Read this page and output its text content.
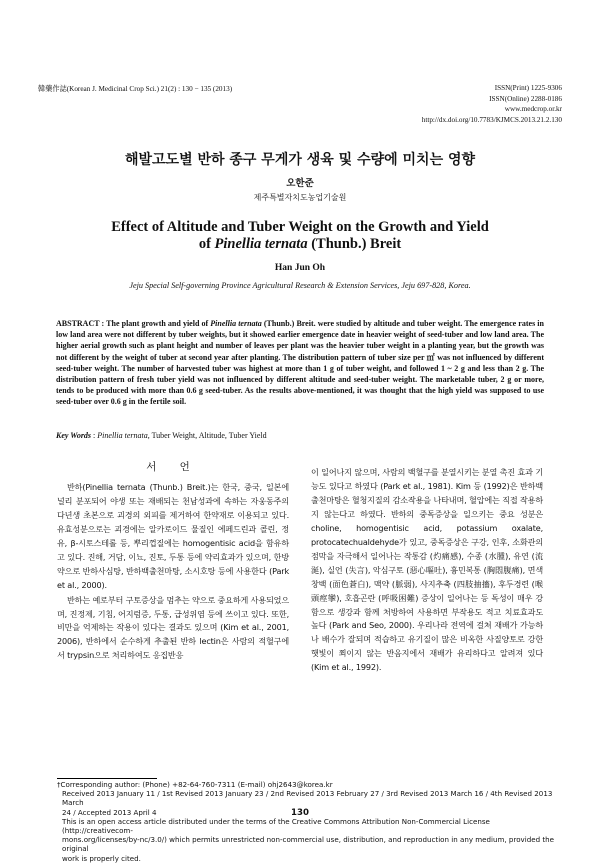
韓藥作誌(Korean J. Medicinal Crop Sci.) 21(2) : 130 − 135 (2013)	ISSN(Print) 1225-9306
ISSN(Online) 2288-0186
www.medcrop.or.kr
http://dx.doi.org/10.7783/KJMCS.2013.21.2.130
해발고도별 반하 종구 무게가 생육 및 수량에 미치는 영향
오한준
제주특별자치도농업기술원
Effect of Altitude and Tuber Weight on the Growth and Yield
of Pinellia ternata (Thunb.) Breit
Han Jun Oh
Jeju Special Self-governing Province Agricultural Research & Extension Services, Jeju 697-828, Korea.
ABSTRACT : The plant growth and yield of Pinellia ternata (Thunb.) Breit. were studied by altitude and tuber weight. The emergence rates in low land area were not different by tuber weights, but it showed earlier emergence date in heavier weight of seed-tuber and low land area. The higher aerial growth such as plant height and number of leaves per plant was the heavier tuber weight in a planting year, but the growth was not different by the weight of tuber at second year after planting. The distribution pattern of tuber size per ㎡ was not influenced by different seed-tuber weight. The number of harvested tuber was highest at more than 1 g of tuber weight, and followed 1 ~ 2 g and less than 2 g. The distribution pattern of fresh tuber yield was not influenced by different altitude and seed-tuber weight. The marketable tuber, 2 g or more, tends to be produced with more than 0.6 g seed-tuber. As the results above-mentioned, it was thought that the high yield was supposed to use seed-tuber over 0.6 g in the fertile soil.
Key Words : Pinellia ternata, Tuber Weight, Altitude, Tuber Yield
서 언

반하(Pinellia ternata (Thunb.) Breit.)는 한국, 중국, 일본에 널리 분포되어 야생 또는 재배되는 천남성과에 속하는 자웅동주의 다년생 초본으로 괴경의 외피를 제거하여 한약재로 이용되고 있다. 유효성분으로는 괴경에는 알카로이드 물질인 에페드린과 콜린, 정유, β-시토스테롤 등, 뿌리껍질에는 homogentisic acid을 함유하고 있다. 진해, 거담, 이뇨, 진토, 두통 등에 약리효과가 있으며, 한방약으로 반하사심탕, 반하백출천마탕, 소시호탕 등에 사용한다 (Park et al., 2000).

반하는 예로부터 구토증상을 멈추는 약으로 중요하게 사용되었으며, 진정제, 기침, 어지럼증, 두통, 급성위염 등에 쓰이고 있다. 또한, 비만을 억제하는 작용이 있다는 결과도 있으며 (Kim et al., 2001, 2006), 반하에서 순수하게 추출된 반하 lectin은 사람의 적혈구에서 trypsin으로 처리하여도 응집반응

이 일어나지 않으며, 사람의 백혈구를 분열시키는 분열 촉진 효과 기능도 있다고 하였다 (Park et al., 1981). Kim 등 (1992)은 반하백출천마탕은 혈청지질의 감소작용을 나타내며, 혈압에는 직접 작용하지 않는다고 하였다. 반하의 중독증상을 일으키는 중요 성분은 choline, homogentisic acid, potassium oxalate, protocatechualdehyde가 있고, 중독증상은 구강, 인후, 소화관의 점막을 자극해서 일어나는 작통감 (灼痛感), 수종 (水腫), 유연 (流涎), 실언 (失言), 악심구토 (惡心嘔吐), 흉민복통 (胸悶腹痛), 면색창백 (面色蒼白), 맥약 (脈弱), 사지추축 (四肢抽搐), 후두경련 (喉頭痙攣), 호흡곤란 (呼吸困難) 증상이 일어나는 등 독성이 매우 강함으로 생강과 함께 처방하여 사용하면 부작용도 적고 치료효과도 높다 (Park and Seo, 2000). 우리나라 전역에 걸쳐 재배가 가능하나 배수가 잘되며 적습하고 유기질이 많은 비옥한 사질양토로 강한 햇빛이 쬐이지 않는 반음지에서 재배가 유리하다고 알려져 있다 (Kim et al., 1992).

†Corresponding author: (Phone) +82-64-760-7311 (E-mail) ohj2643@korea.kr
Received 2013 January 11 / 1st Revised 2013 January 23 / 2nd Revised 2013 February 27 / 3rd Revised 2013 March 16 / 4th Revised 2013 March
24 / Accepted 2013 April 4
This is an open access article distributed under the terms of the Creative Commons Attribution Non-Commercial License (http://creativecom-
mons.org/licenses/by-nc/3.0/) which permits unrestricted non-commercial use, distribution, and reproduction in any medium, provided the original
work is properly cited.
130
